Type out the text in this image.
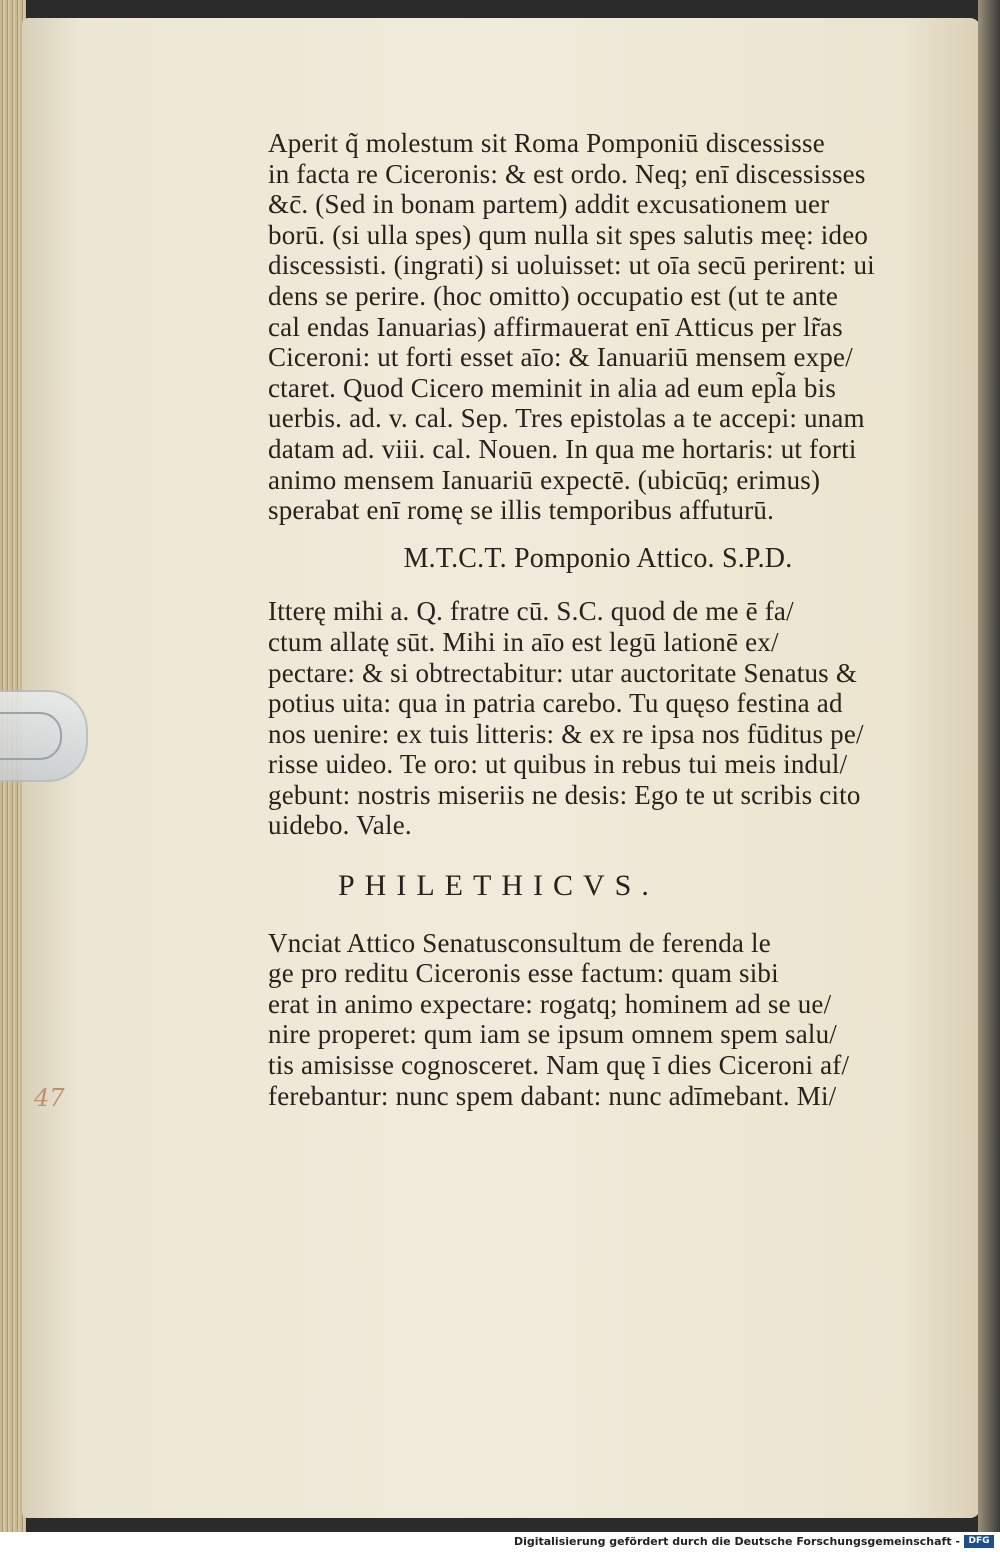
47

Aperit q̃ molestum sit Roma Pomponiū discessisse

in facta re Ciceronis: & est ordo. Neq; enī discessisses

&c̄. (Sed in bonam partem) addit excusationem uer

borū. (si ulla spes) qum nulla sit spes salutis meę: ideo

discessisti. (ingrati) si uoluisset: ut oīa secū perirent: ui

dens se perire. (hoc omitto) occupatio est (ut te ante

cal endas Ianuarias) affirmauerat enī Atticus per lr̃as

Ciceroni: ut forti esset aīo: & Ianuariū mensem expe/

ctaret. Quod Cicero meminit in alia ad eum epl̃a bis

uerbis. ad. v. cal. Sep. Tres epistolas a te accepi: unam

datam ad. viii. cal. Nouen. In qua me hortaris: ut forti

animo mensem Ianuariū expectē. (ubicūq; erimus)

sperabat enī romę se illis temporibus affuturū.

M.T.C.T. Pomponio Attico. S.P.D.

Itterę mihi a. Q. fratre cū. S.C. quod de me ē fa/

ctum allatę sūt. Mihi in aīo est legū lationē ex/

pectare: & si obtrectabitur: utar auctoritate Senatus &

potius uita: qua in patria carebo. Tu quęso festina ad

nos uenire: ex tuis litteris: & ex re ipsa nos fūditus pe/

risse uideo. Te oro: ut quibus in rebus tui meis indul/

gebunt: nostris miseriis ne desis: Ego te ut scribis cito

uidebo. Vale.

PHILETHICVS.

Vnciat Attico Senatusconsultum de ferenda le

ge pro reditu Ciceronis esse factum: quam sibi

erat in animo expectare: rogatq; hominem ad se ue/

nire properet: qum iam se ipsum omnem spem salu/

tis amisisse cognosceret. Nam quę ī dies Ciceroni af/

ferebantur: nunc spem dabant: nunc adīmebant. Mi/

Digitalisierung gefördert durch die Deutsche Forschungsgemeinschaft - DFG
